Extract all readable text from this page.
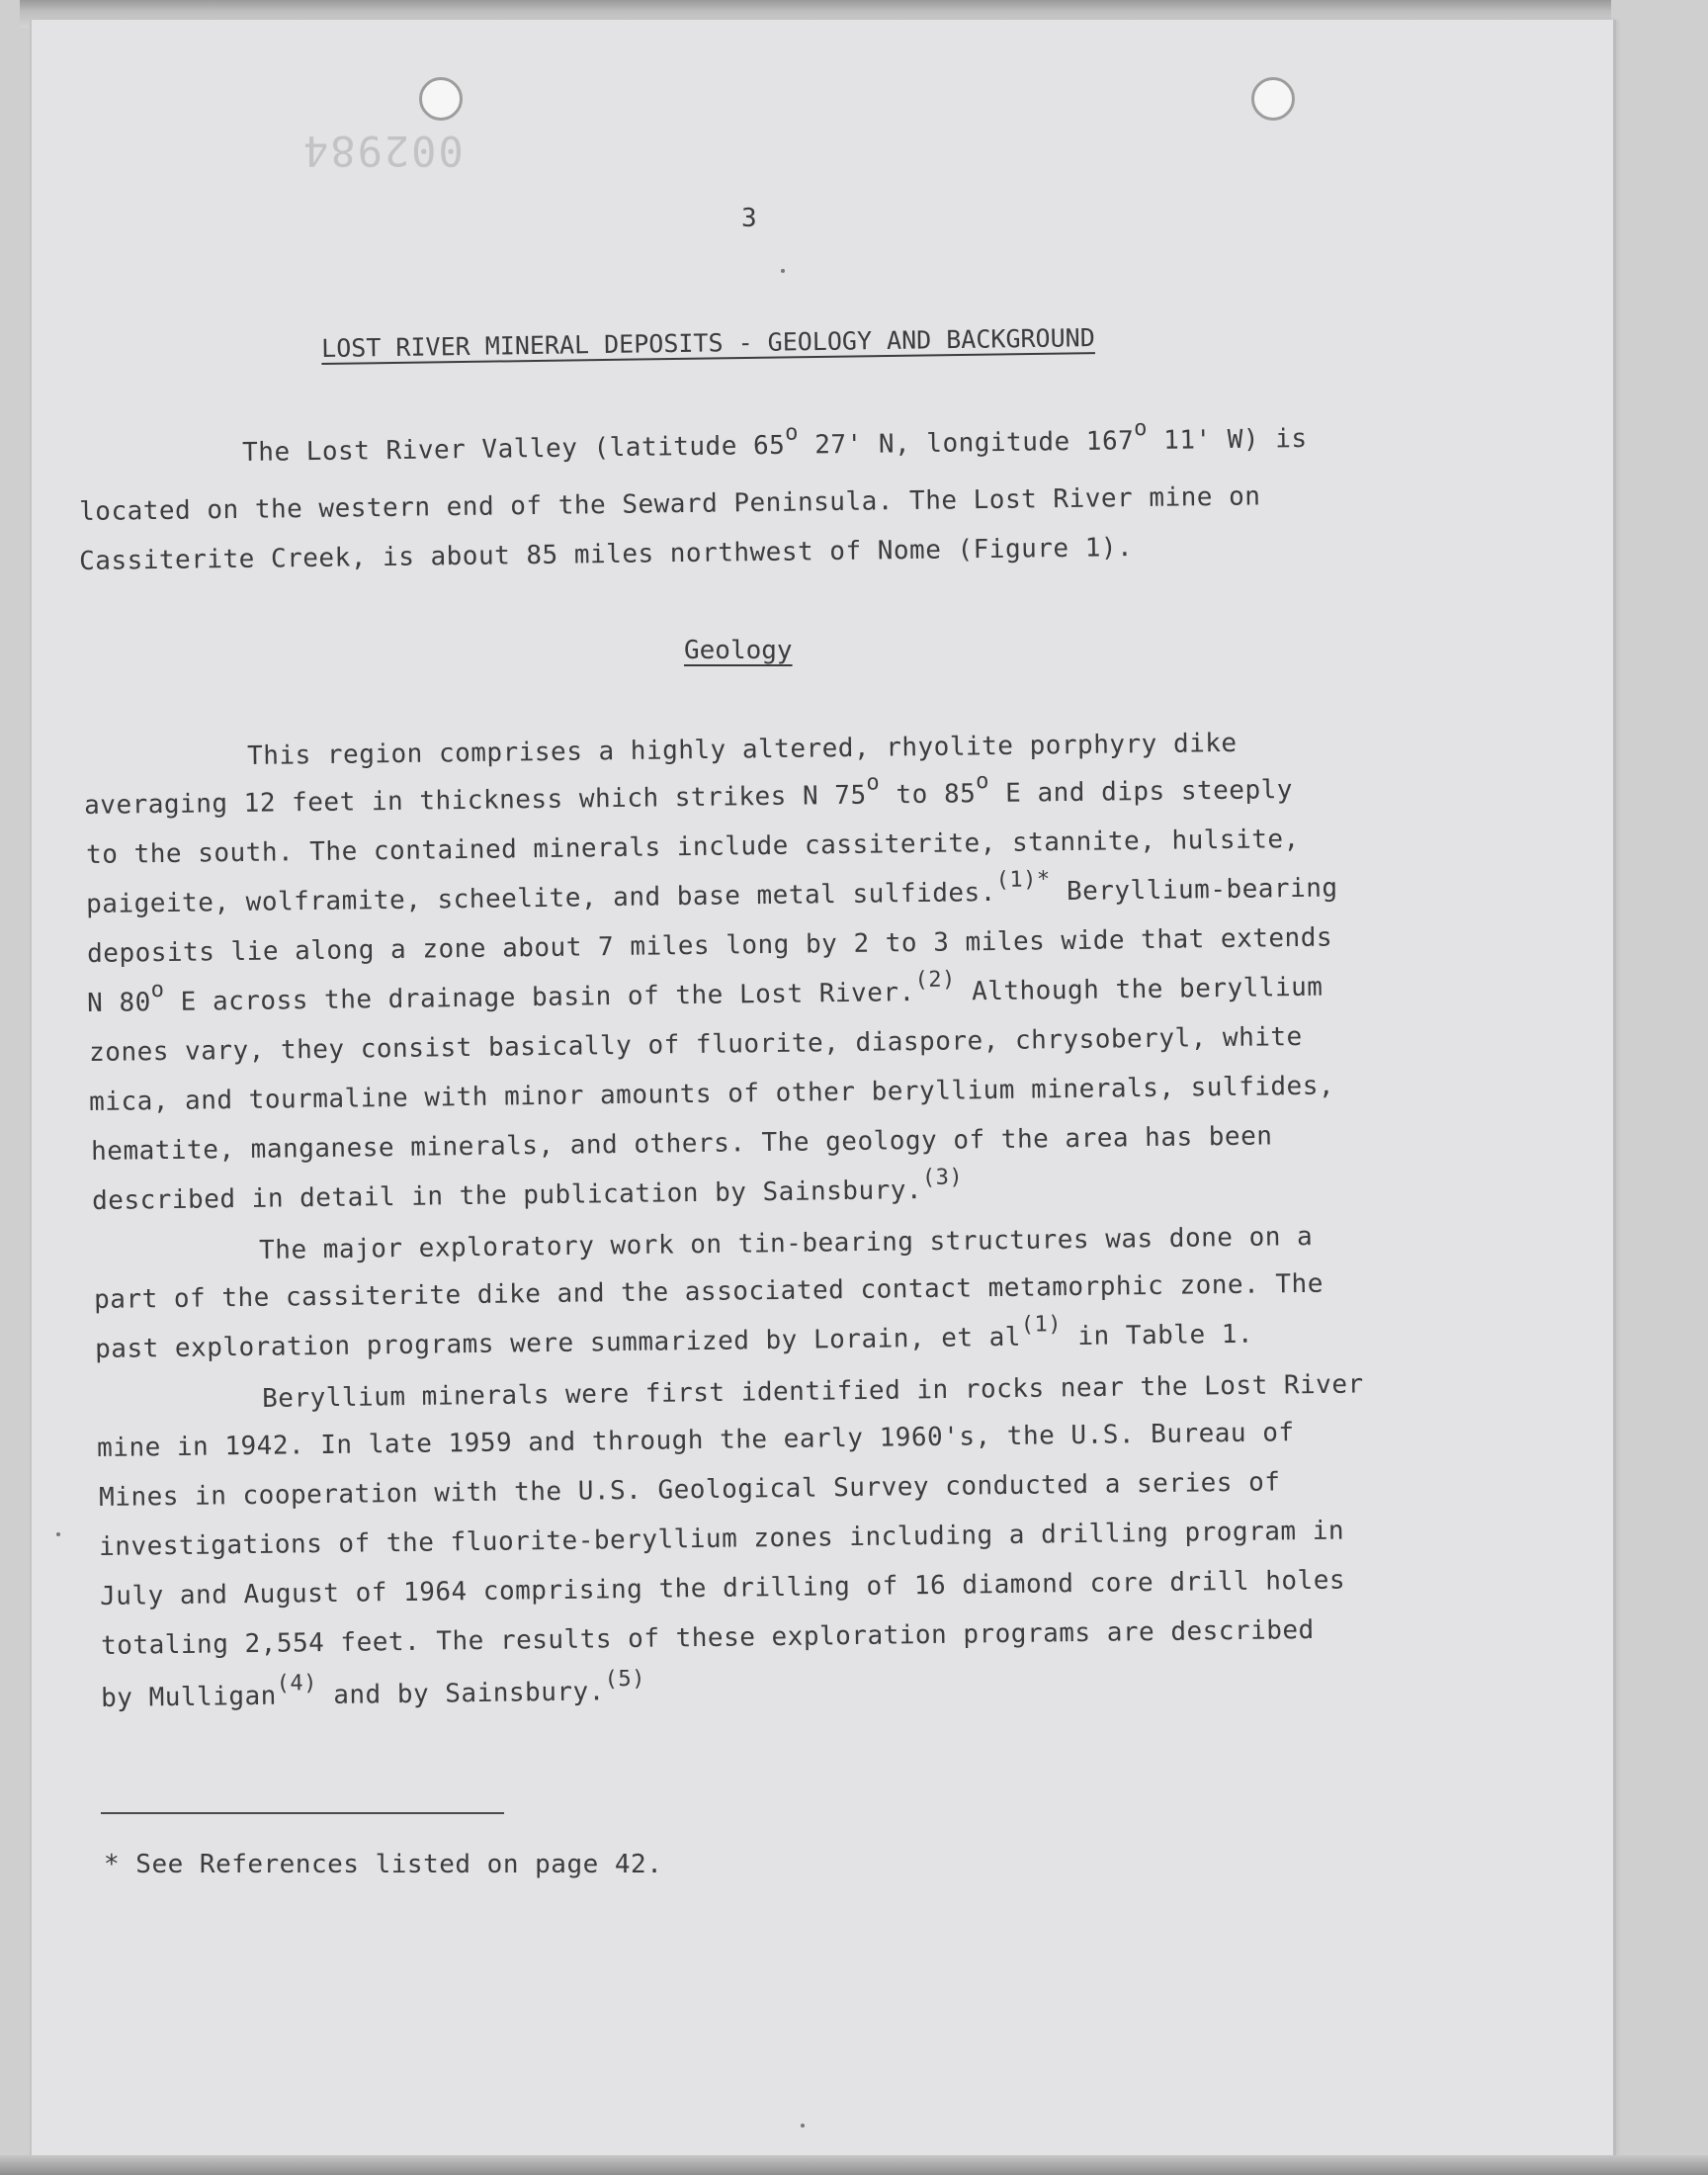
002984
3
LOST RIVER MINERAL DEPOSITS - GEOLOGY AND BACKGROUND
The Lost River Valley (latitude 65$^o$ 27' N, longitude 167$^o$ 11' W) is
located on the western end of the Seward Peninsula. The Lost River mine on
Cassiterite Creek, is about 85 miles northwest of Nome (Figure 1).
Geology
This region comprises a highly altered, rhyolite porphyry dike
averaging 12 feet in thickness which strikes N 75$^o$ to 85$^o$ E and dips steeply
to the south. The contained minerals include cassiterite, stannite, hulsite,
paigeite, wolframite, scheelite, and base metal sulfides.$^{(1)*}$ Beryllium-bearing
deposits lie along a zone about 7 miles long by 2 to 3 miles wide that extends
N 80$^o$ E across the drainage basin of the Lost River.$^{(2)}$ Although the beryllium
zones vary, they consist basically of fluorite, diaspore, chrysoberyl, white
mica, and tourmaline with minor amounts of other beryllium minerals, sulfides,
hematite, manganese minerals, and others. The geology of the area has been
described in detail in the publication by Sainsbury.$^{(3)}$
The major exploratory work on tin-bearing structures was done on a
part of the cassiterite dike and the associated contact metamorphic zone. The
past exploration programs were summarized by Lorain, et $al^{(1)}$ in Table 1.
Beryllium minerals were first identified in rocks near the Lost River
mine in 1942. In late 1959 and through the early 1960's, the U.S. Bureau of
Mines in cooperation with the U.S. Geological Survey conducted a series of
investigations of the fluorite-beryllium zones including a drilling program in
July and August of 1964 comprising the drilling of 16 diamond core drill holes
totaling 2,554 feet. The results of these exploration programs are described
by Mulligan$^{(4)}$ and by Sainsbury.$^{(5)}$
* See References listed on page 42.
